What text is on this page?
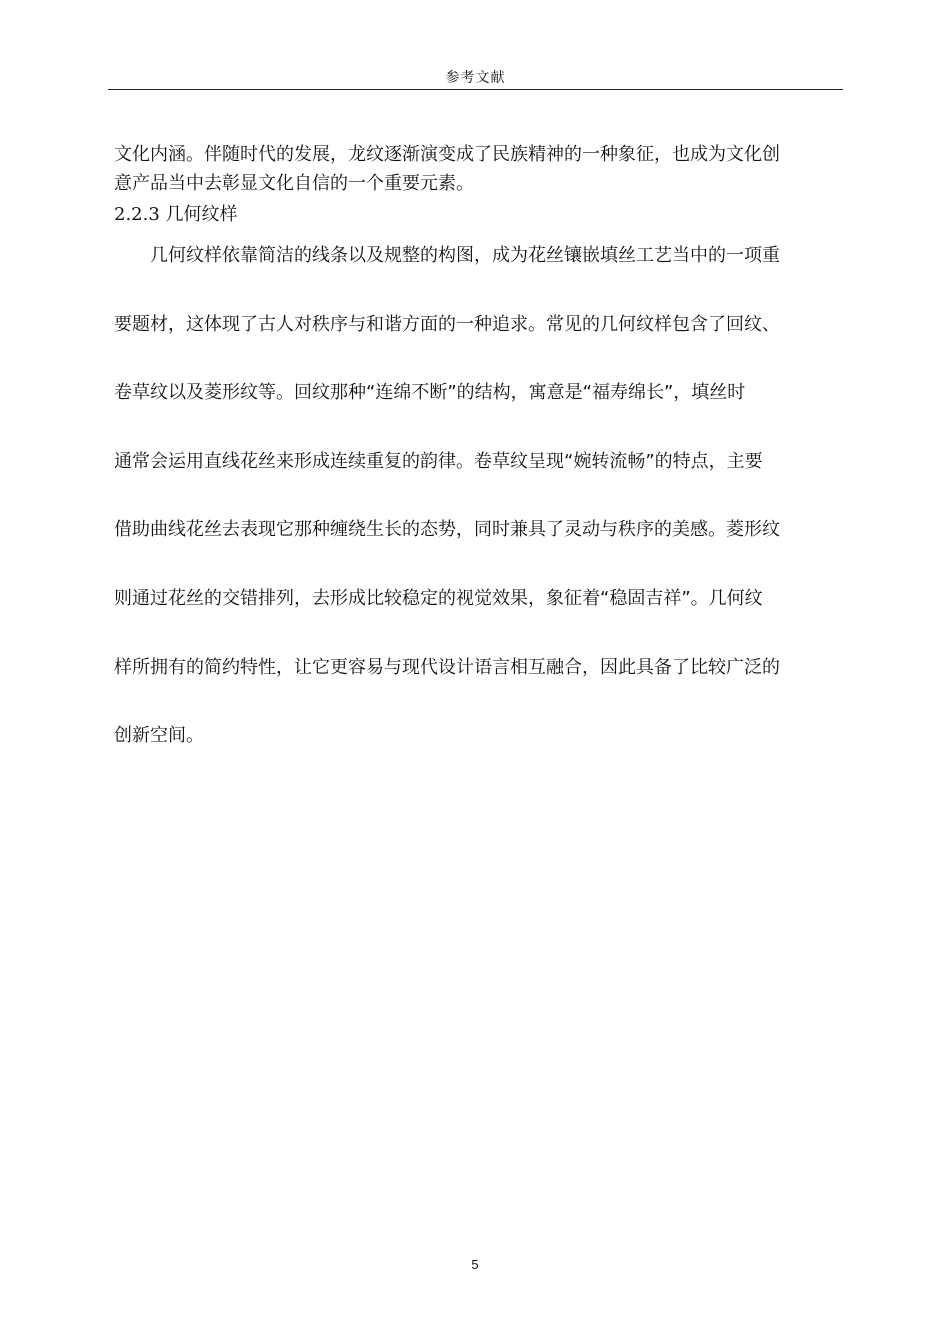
参考文献

文化内涵。伴随时代的发展，龙纹逐渐演变成了民族精神的一种象征，也成为文化创
意产品当中去彰显文化自信的一个重要元素。

2.2.3 几何纹样

几何纹样依靠简洁的线条以及规整的构图，成为花丝镶嵌填丝工艺当中的一项重
要题材，这体现了古人对秩序与和谐方面的一种追求。常见的几何纹样包含了回纹、
卷草纹以及菱形纹等。回纹那种“连绵不断”的结构，寓意是“福寿绵长”，填丝时
通常会运用直线花丝来形成连续重复的韵律。卷草纹呈现“婉转流畅”的特点，主要
借助曲线花丝去表现它那种缠绕生长的态势，同时兼具了灵动与秩序的美感。菱形纹
则通过花丝的交错排列，去形成比较稳定的视觉效果，象征着“稳固吉祥”。几何纹
样所拥有的简约特性，让它更容易与现代设计语言相互融合，因此具备了比较广泛的
创新空间。

5
